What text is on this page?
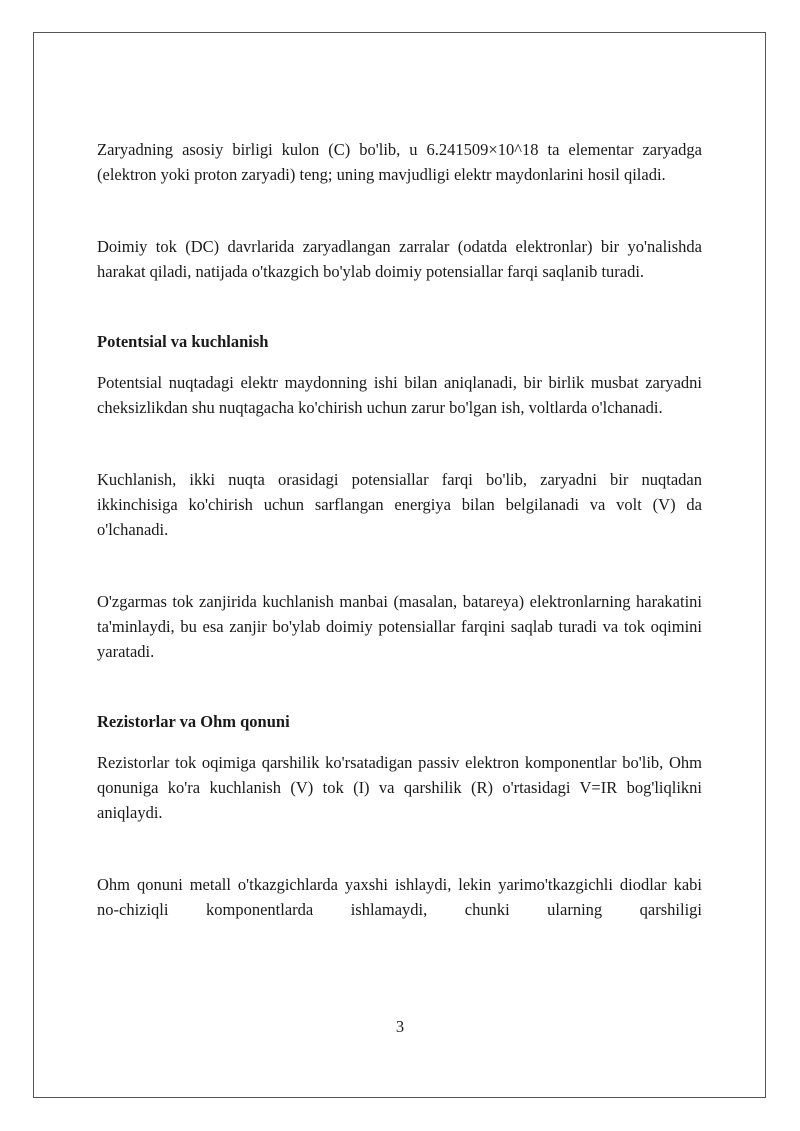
Zaryadning asosiy birligi kulon (C) bo'lib, u 6.241509×10^18 ta elementar zaryadga (elektron yoki proton zaryadi) teng; uning mavjudligi elektr maydonlarini hosil qiladi.

Doimiy tok (DC) davrlarida zaryadlangan zarralar (odatda elektronlar) bir yo'nalishda harakat qiladi, natijada o'tkazgich bo'ylab doimiy potensiallar farqi saqlanib turadi.

Potentsial va kuchlanish

Potentsial nuqtadagi elektr maydonning ishi bilan aniqlanadi, bir birlik musbat zaryadni cheksizlikdan shu nuqtagacha ko'chirish uchun zarur bo'lgan ish, voltlarda o'lchanadi.

Kuchlanish, ikki nuqta orasidagi potensiallar farqi bo'lib, zaryadni bir nuqtadan ikkinchisiga ko'chirish uchun sarflangan energiya bilan belgilanadi va volt (V) da o'lchanadi.

O'zgarmas tok zanjirida kuchlanish manbai (masalan, batareya) elektronlarning harakatini ta'minlaydi, bu esa zanjir bo'ylab doimiy potensiallar farqini saqlab turadi va tok oqimini yaratadi.

Rezistorlar va Ohm qonuni

Rezistorlar tok oqimiga qarshilik ko'rsatadigan passiv elektron komponentlar bo'lib, Ohm qonuniga ko'ra kuchlanish (V) tok (I) va qarshilik (R) o'rtasidagi V=IR bog'liqlikni aniqlaydi.

Ohm qonuni metall o'tkazgichlarda yaxshi ishlaydi, lekin yarimo'tkazgichli diodlar kabi no-chiziqli komponentlarda ishlamaydi, chunki ularning qarshiligi

3
